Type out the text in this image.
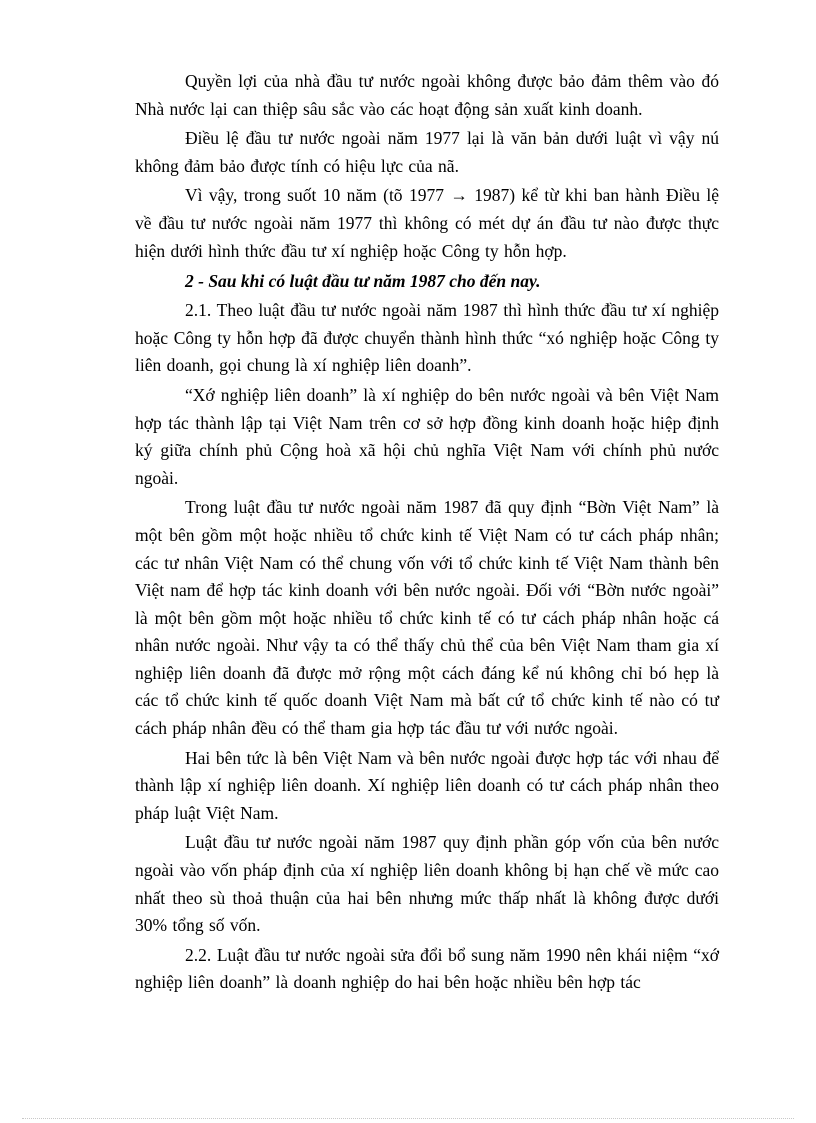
Quyền lợi của nhà đầu tư nước ngoài không được bảo đảm thêm vào đó Nhà nước lại can thiệp sâu sắc vào các hoạt động sản xuất kinh doanh.

Điều lệ đầu tư nước ngoài năm 1977 lại là văn bản dưới luật vì vậy nú không đảm bảo được tính có hiệu lực của nã.

Vì vậy, trong suốt 10 năm (tõ 1977 → 1987) kể từ khi ban hành Điều lệ về đầu tư nước ngoài năm 1977 thì không có mét dự án đầu tư nào được thực hiện dưới hình thức đầu tư xí nghiệp hoặc Công ty hỗn hợp.

2 - Sau khi có luật đầu tư năm 1987 cho đến nay.

2.1. Theo luật đầu tư nước ngoài năm 1987 thì hình thức đầu tư xí nghiệp hoặc Công ty hỗn hợp đã được chuyển thành hình thức “xó nghiệp hoặc Công ty liên doanh, gọi chung là xí nghiệp liên doanh”.

“Xớ nghiệp liên doanh” là xí nghiệp do bên nước ngoài và bên Việt Nam hợp tác thành lập tại Việt Nam trên cơ sở hợp đồng kinh doanh hoặc hiệp định ký giữa chính phủ Cộng hoà xã hội chủ nghĩa Việt Nam với chính phủ nước ngoài.

Trong luật đầu tư nước ngoài năm 1987 đã quy định “Bờn Việt Nam” là một bên gồm một hoặc nhiều tổ chức kinh tế Việt Nam có tư cách pháp nhân; các tư nhân Việt Nam có thể chung vốn với tổ chức kinh tế Việt Nam thành bên Việt nam để hợp tác kinh doanh với bên nước ngoài. Đối với “Bờn nước ngoài” là một bên gồm một hoặc nhiều tổ chức kinh tế có tư cách pháp nhân hoặc cá nhân nước ngoài. Như vậy ta có thể thấy chủ thể của bên Việt Nam tham gia xí nghiệp liên doanh đã được mở rộng một cách đáng kể nú không chỉ bó hẹp là các tổ chức kinh tế quốc doanh Việt Nam mà bất cứ tổ chức kinh tế nào có tư cách pháp nhân đều có thể tham gia hợp tác đầu tư với nước ngoài.

Hai bên tức là bên Việt Nam và bên nước ngoài được hợp tác với nhau để thành lập xí nghiệp liên doanh. Xí nghiệp liên doanh có tư cách pháp nhân theo pháp luật Việt Nam.

Luật đầu tư nước ngoài năm 1987 quy định phần góp vốn của bên nước ngoài vào vốn pháp định của xí nghiệp liên doanh không bị hạn chế về mức cao nhất theo sù thoả thuận của hai bên nhưng mức thấp nhất là không được dưới 30% tổng số vốn.

2.2. Luật đầu tư nước ngoài sửa đổi bổ sung năm 1990 nên khái niệm “xớ nghiệp liên doanh” là doanh nghiệp do hai bên hoặc nhiều bên hợp tác
